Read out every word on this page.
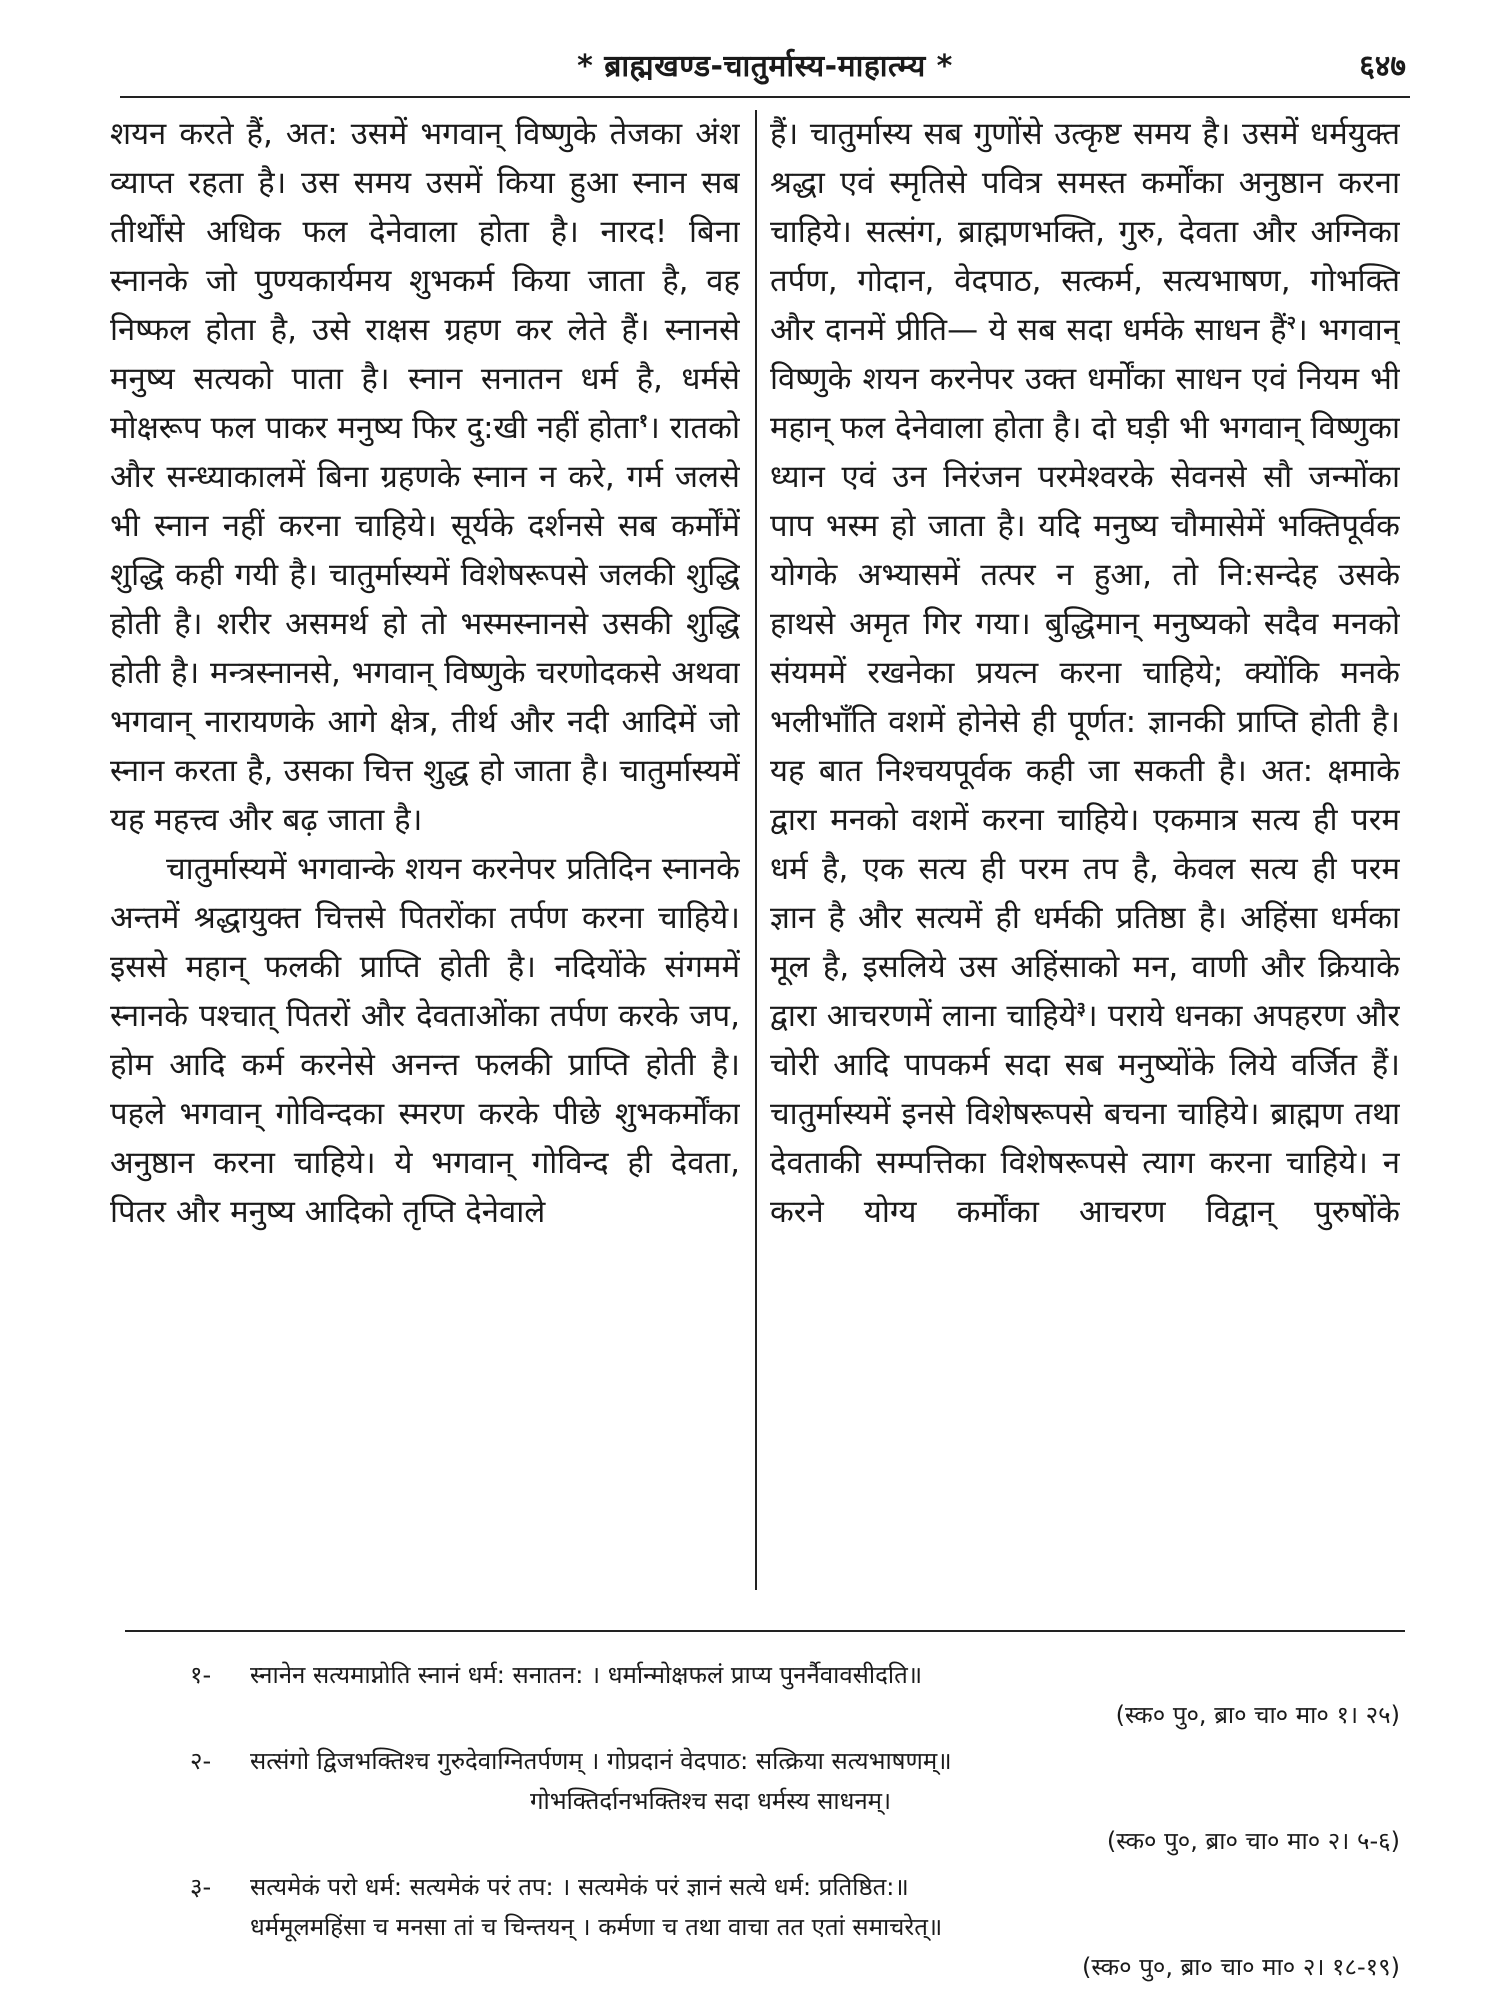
* ब्राह्मखण्ड-चातुर्मास्य-माहात्म्य *	६४७

शयन करते हैं, अत: उसमें भगवान् विष्णुके तेजका अंश व्याप्त रहता है। उस समय उसमें किया हुआ स्नान सब तीर्थोंसे अधिक फल देनेवाला होता है। नारद! बिना स्नानके जो पुण्यकार्यमय शुभकर्म किया जाता है, वह निष्फल होता है, उसे राक्षस ग्रहण कर लेते हैं। स्नानसे मनुष्य सत्यको पाता है। स्नान सनातन धर्म है, धर्मसे मोक्षरूप फल पाकर मनुष्य फिर दु:खी नहीं होता$^१$। रातको और सन्ध्याकालमें बिना ग्रहणके स्नान न करे, गर्म जलसे भी स्नान नहीं करना चाहिये। सूर्यके दर्शनसे सब कर्मोंमें शुद्धि कही गयी है। चातुर्मास्यमें विशेषरूपसे जलकी शुद्धि होती है। शरीर असमर्थ हो तो भस्मस्नानसे उसकी शुद्धि होती है। मन्त्रस्नानसे, भगवान् विष्णुके चरणोदकसे अथवा भगवान् नारायणके आगे क्षेत्र, तीर्थ और नदी आदिमें जो स्नान करता है, उसका चित्त शुद्ध हो जाता है। चातुर्मास्यमें यह महत्त्व और बढ़ जाता है।

चातुर्मास्यमें भगवान्के शयन करनेपर प्रतिदिन स्नानके अन्तमें श्रद्धायुक्त चित्तसे पितरोंका तर्पण करना चाहिये। इससे महान् फलकी प्राप्ति होती है। नदियोंके संगममें स्नानके पश्चात् पितरों और देवताओंका तर्पण करके जप, होम आदि कर्म करनेसे अनन्त फलकी प्राप्ति होती है। पहले भगवान् गोविन्दका स्मरण करके पीछे शुभकर्मोंका अनुष्ठान करना चाहिये। ये भगवान् गोविन्द ही देवता, पितर और मनुष्य आदिको तृप्ति देनेवाले

हैं। चातुर्मास्य सब गुणोंसे उत्कृष्ट समय है। उसमें धर्मयुक्त श्रद्धा एवं स्मृतिसे पवित्र समस्त कर्मोंका अनुष्ठान करना चाहिये। सत्संग, ब्राह्मणभक्ति, गुरु, देवता और अग्निका तर्पण, गोदान, वेदपाठ, सत्कर्म, सत्यभाषण, गोभक्ति और दानमें प्रीति— ये सब सदा धर्मके साधन हैं$^२$। भगवान् विष्णुके शयन करनेपर उक्त धर्मोंका साधन एवं नियम भी महान् फल देनेवाला होता है। दो घड़ी भी भगवान् विष्णुका ध्यान एवं उन निरंजन परमेश्वरके सेवनसे सौ जन्मोंका पाप भस्म हो जाता है। यदि मनुष्य चौमासेमें भक्तिपूर्वक योगके अभ्यासमें तत्पर न हुआ, तो नि:सन्देह उसके हाथसे अमृत गिर गया। बुद्धिमान् मनुष्यको सदैव मनको संयममें रखनेका प्रयत्न करना चाहिये; क्योंकि मनके भलीभाँति वशमें होनेसे ही पूर्णत: ज्ञानकी प्राप्ति होती है। यह बात निश्चयपूर्वक कही जा सकती है। अत: क्षमाके द्वारा मनको वशमें करना चाहिये। एकमात्र सत्य ही परम धर्म है, एक सत्य ही परम तप है, केवल सत्य ही परम ज्ञान है और सत्यमें ही धर्मकी प्रतिष्ठा है। अहिंसा धर्मका मूल है, इसलिये उस अहिंसाको मन, वाणी और क्रियाके द्वारा आचरणमें लाना चाहिये$^३$। पराये धनका अपहरण और चोरी आदि पापकर्म सदा सब मनुष्योंके लिये वर्जित हैं। चातुर्मास्यमें इनसे विशेषरूपसे बचना चाहिये। ब्राह्मण तथा देवताकी सम्पत्तिका विशेषरूपसे त्याग करना चाहिये। न करने योग्य कर्मोंका आचरण विद्वान् पुरुषोंके

१-	स्नानेन सत्यमाप्नोति स्नानं धर्म: सनातन: । धर्मान्मोक्षफलं प्राप्य पुनर्नैवावसीदति॥
(स्क० पु०, ब्रा० चा० मा० १। २५)
२-	सत्संगो द्विजभक्तिश्च गुरुदेवाग्नितर्पणम् । गोप्रदानं वेदपाठ: सत्क्रिया सत्यभाषणम्॥
गोभक्तिर्दानभक्तिश्च सदा धर्मस्य साधनम्।
(स्क० पु०, ब्रा० चा० मा० २। ५-६)
३-	सत्यमेकं परो धर्म: सत्यमेकं परं तप: । सत्यमेकं परं ज्ञानं सत्ये धर्म: प्रतिष्ठित:॥
धर्ममूलमहिंसा च मनसा तां च चिन्तयन् । कर्मणा च तथा वाचा तत एतां समाचरेत्॥
(स्क० पु०, ब्रा० चा० मा० २। १८-१९)
